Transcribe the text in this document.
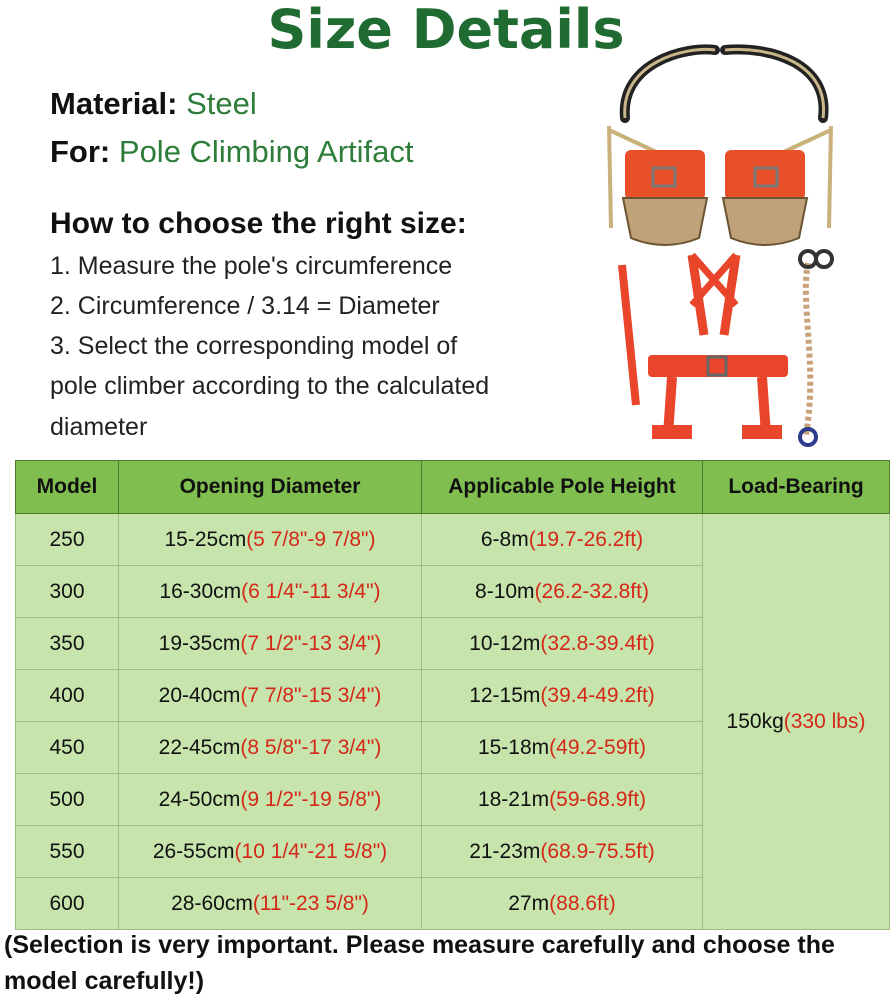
Size Details
Material: Steel
For: Pole Climbing Artifact
How to choose the right size:
1. Measure the pole's circumference
2. Circumference / 3.14 = Diameter
3. Select the corresponding model of
pole climber according to the calculated
diameter
Model	Opening Diameter	Applicable Pole Height	Load-Bearing
250	15-25cm(5 7/8"-9 7/8")	6-8m(19.7-26.2ft)	150kg(330 lbs)
300	16-30cm(6 1/4"-11 3/4")	8-10m(26.2-32.8ft)	
350	19-35cm(7 1/2"-13 3/4")	10-12m(32.8-39.4ft)	
400	20-40cm(7 7/8"-15 3/4")	12-15m(39.4-49.2ft)	
450	22-45cm(8 5/8"-17 3/4")	15-18m(49.2-59ft)	
500	24-50cm(9 1/2"-19 5/8")	18-21m(59-68.9ft)	
550	26-55cm(10 1/4"-21 5/8")	21-23m(68.9-75.5ft)	
600	28-60cm(11"-23 5/8")	27m(88.6ft)	
(Selection is very important. Please measure carefully and choose the model carefully!)
